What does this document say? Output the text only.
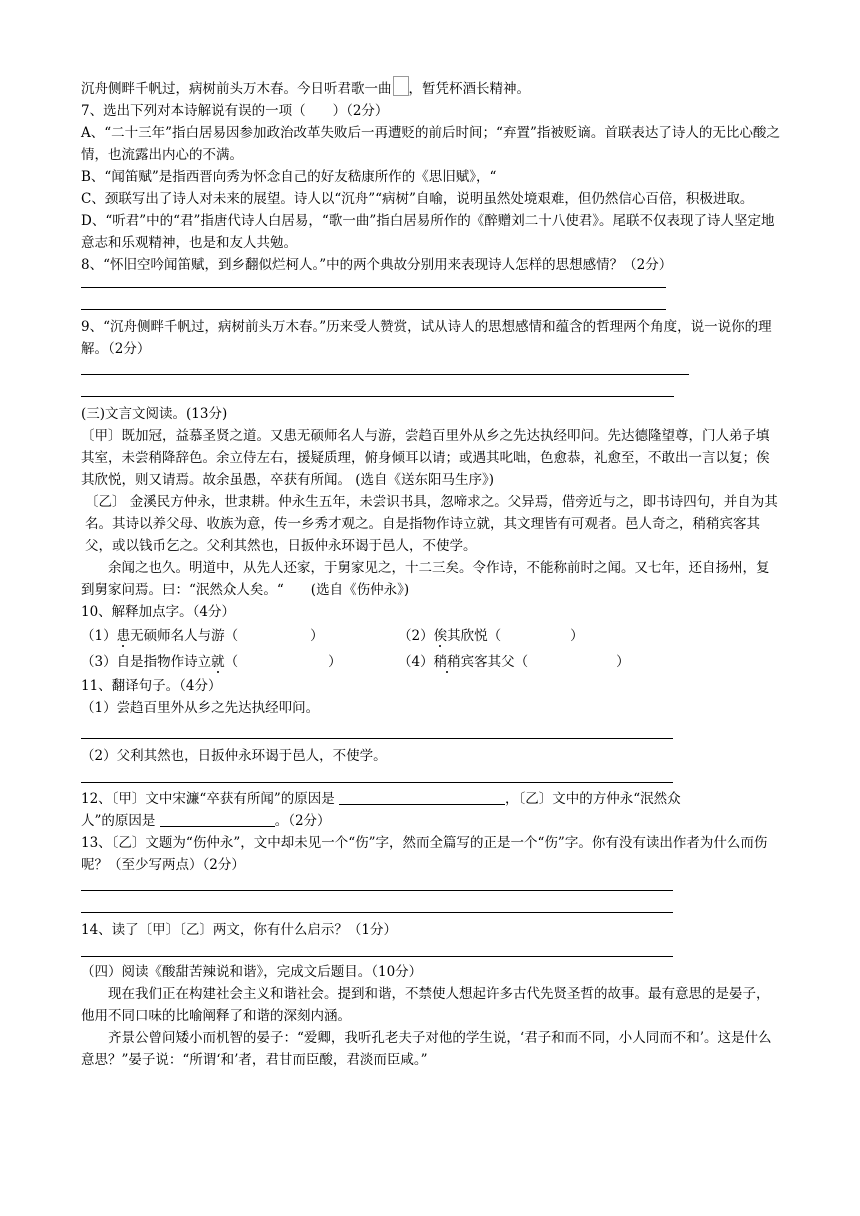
沉舟侧畔千帆过，病树前头万木春。今日听君歌一曲 ，暂凭杯酒长精神。

7、选出下列对本诗解说有误的一项（　　）（2分）

A、“二十三年”指白居易因参加政治改革失败后一再遭贬的前后时间；“弃置”指被贬谪。首联表达了诗人的无比心酸之情，也流露出内心的不满。

B、“闻笛赋”是指西晋向秀为怀念自己的好友嵇康所作的《思旧赋》，“

C、颈联写出了诗人对未来的展望。诗人以“沉舟”“病树”自喻，说明虽然处境艰难，但仍然信心百倍，积极进取。

D、“听君”中的“君”指唐代诗人白居易，“歌一曲”指白居易所作的《醉赠刘二十八使君》。尾联不仅表现了诗人坚定地意志和乐观精神，也是和友人共勉。

8、“怀旧空吟闻笛赋，到乡翻似烂柯人。”中的两个典故分别用来表现诗人怎样的思想感情？（2分）

9、“沉舟侧畔千帆过，病树前头万木春。”历来受人赞赏，试从诗人的思想感情和蕴含的哲理两个角度，说一说你的理解。（2分）

(三)文言文阅读。(13分)

〔甲〕既加冠，益慕圣贤之道。又患无硕师名人与游，尝趋百里外从乡之先达执经叩问。先达德隆望尊，门人弟子填其室，未尝稍降辞色。余立侍左右，援疑质理，俯身倾耳以请；或遇其叱咄，色愈恭，礼愈至，不敢出一言以复；俟其欣悦，则又请焉。故余虽愚，卒获有所闻。 (选自《送东阳马生序》)

〔乙〕 金溪民方仲永，世隶耕。仲永生五年，未尝识书具，忽啼求之。父异焉，借旁近与之，即书诗四句，并自为其名。其诗以养父母、收族为意，传一乡秀才观之。自是指物作诗立就，其文理皆有可观者。邑人奇之，稍稍宾客其父，或以钱币乞之。父利其然也，日扳仲永环谒于邑人，不使学。

余闻之也久。明道中，从先人还家，于舅家见之，十二三矣。令作诗，不能称前时之闻。又七年，还自扬州，复到舅家问焉。曰：“泯然众人矣。“　　(选自《伤仲永》)

10、解释加点字。（4分）

（1）患无硕师名人与游（	）	（2）俟其欣悦（	）
（3）自是指物作诗立就（	）	（4）稍稍宾客其父（	）

11、翻译句子。（4分）

（1）尝趋百里外从乡之先达执经叩问。

（2）父利其然也，日扳仲永环谒于邑人，不使学。

12、〔甲〕文中宋濂“卒获有所闻”的原因是	，〔乙〕文中的方仲永“泯然众
人”的原因是	。（2分）

13、〔乙〕文题为“伤仲永”，文中却未见一个“伤”字，然而全篇写的正是一个“伤”字。你有没有读出作者为什么而伤呢？（至少写两点）（2分）

14、读了〔甲〕〔乙〕两文，你有什么启示？（1分）

（四）阅读《酸甜苦辣说和谐》，完成文后题目。（10分）

现在我们正在构建社会主义和谐社会。提到和谐，不禁使人想起许多古代先贤圣哲的故事。最有意思的是晏子，他用不同口味的比喻阐释了和谐的深刻内涵。

齐景公曾问矮小而机智的晏子：“爱卿，我听孔老夫子对他的学生说，‘君子和而不同，小人同而不和’。这是什么意思？”晏子说：“所谓‘和’者，君甘而臣酸，君淡而臣咸。”
